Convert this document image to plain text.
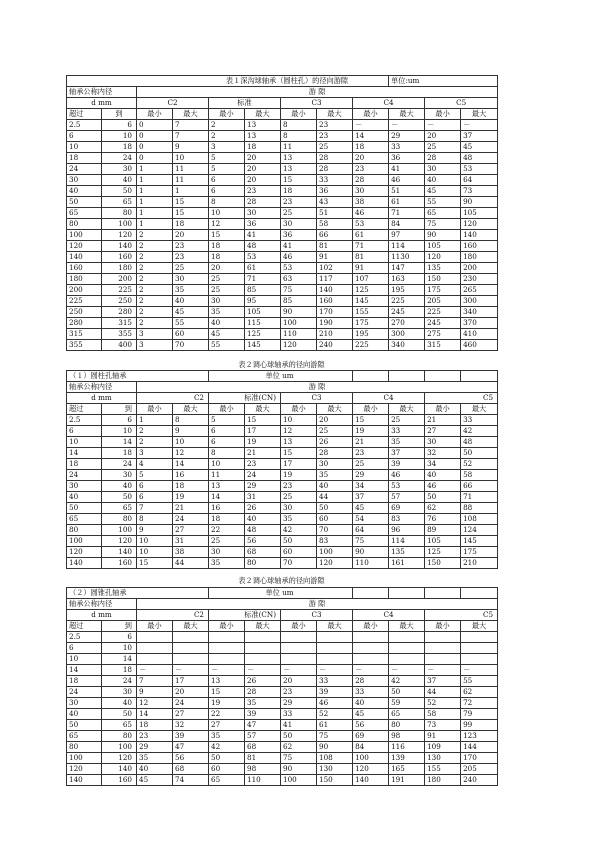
表１深沟球轴承（圆柱孔）的径向游隙									单位:um		
轴承公称内径		游 隙									
d mm		C2		标准		C3		C4		C5	
超过	到	最小	最大	最小	最大	最小	最大	最小	最大	最小	最大
2.5	6	0	7	2	13	8	23	－	－	－	－
6	10	0	7	2	13	8	23	14	29	20	37
10	18	0	9	3	18	11	25	18	33	25	45
18	24	0	10	5	20	13	28	20	36	28	48
24	30	1	11	5	20	13	28	23	41	30	53
30	40	1	11	6	20	15	33	28	46	40	64
40	50	1	1	6	23	18	36	30	51	45	73
50	65	1	15	8	28	23	43	38	61	55	90
65	80	1	15	10	30	25	51	46	71	65	105
80	100	1	18	12	36	30	58	53	84	75	120
100	120	2	20	15	41	36	66	61	97	90	140
120	140	2	23	18	48	41	81	71	114	105	160
140	160	2	23	18	53	46	91	81	1130	120	180
160	180	2	25	20	61	53	102	91	147	135	200
180	200	2	30	25	71	63	117	107	163	150	230
200	225	2	35	25	85	75	140	125	195	175	265
225	250	2	40	30	95	85	160	145	225	205	300
250	280	2	45	35	105	90	170	155	245	225	340
280	315	2	55	40	115	100	190	175	270	245	370
315	355	3	60	45	125	110	210	195	300	275	410
355	400	3	70	55	145	120	240	225	340	315	460
表２调心球轴承的径向游隙
（１）圆柱孔轴承				单位 um							
轴承公称内径		游 隙									
d mm		C2		标准(CN)		C3		C4		C5	
超过	到	最小	最大	最小	最大	最小	最大	最小	最大	最小	最大
2.5	6	1	8	5	15	10	20	15	25	21	33
6	10	2	9	6	17	12	25	19	33	27	42
10	14	2	10	6	19	13	26	21	35	30	48
14	18	3	12	8	21	15	28	23	37	32	50
18	24	4	14	10	23	17	30	25	39	34	52
24	30	5	16	11	24	19	35	29	46	40	58
30	40	6	18	13	29	23	40	34	53	46	66
40	50	6	19	14	31	25	44	37	57	50	71
50	65	7	21	16	26	30	50	45	69	62	88
65	80	8	24	18	40	35	60	54	83	76	108
80	100	9	27	22	48	42	70	64	96	89	124
100	120	10	31	25	56	50	83	75	114	105	145
120	140	10	38	30	68	60	100	90	135	125	175
140	160	15	44	35	80	70	120	110	161	150	210
表２调心球轴承的径向游隙
（２）圆锥孔轴承				单位 um							
轴承公称内径		游 隙									
d mm		C2		标准(CN)		C3		C4		C5	
超过	到	最小	最大	最小	最大	最小	最大	最小	最大	最小	最大
2.5	6										
6	10										
10	14										
14	18	－	－	－	－	－	－	－	－	－	－
18	24	7	17	13	26	20	33	28	42	37	55
24	30	9	20	15	28	23	39	33	50	44	62
30	40	12	24	19	35	29	46	40	59	52	72
40	50	14	27	22	39	33	52	45	65	58	79
50	65	18	32	27	47	41	61	56	80	73	99
65	80	23	39	35	57	50	75	69	98	91	123
80	100	29	47	42	68	62	90	84	116	109	144
100	120	35	56	50	81	75	108	100	139	130	170
120	140	40	68	60	98	90	130	120	165	155	205
140	160	45	74	65	110	100	150	140	191	180	240
